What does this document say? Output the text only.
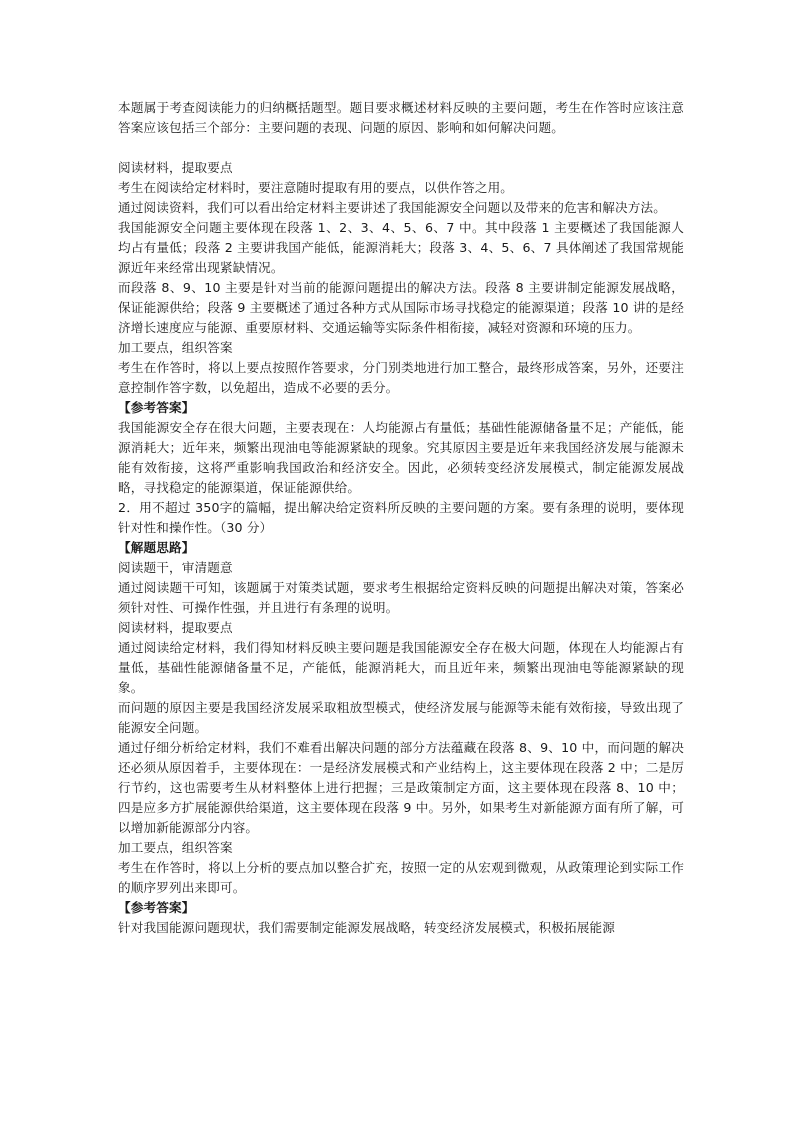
本题属于考查阅读能力的归纳概括题型。题目要求概述材料反映的主要问题，考生在作答时应该注意答案应该包括三个部分：主要问题的表现、问题的原因、影响和如何解决问题。

阅读材料，提取要点

考生在阅读给定材料时，要注意随时提取有用的要点，以供作答之用。

通过阅读资料，我们可以看出给定材料主要讲述了我国能源安全问题以及带来的危害和解决方法。

我国能源安全问题主要体现在段落 1、2、3、4、5、6、7 中。其中段落 1 主要概述了我国能源人均占有量低；段落 2 主要讲我国产能低，能源消耗大；段落 3、4、5、6、7 具体阐述了我国常规能源近年来经常出现紧缺情况。

而段落 8、9、10 主要是针对当前的能源问题提出的解决方法。段落 8 主要讲制定能源发展战略，保证能源供给；段落 9 主要概述了通过各种方式从国际市场寻找稳定的能源渠道；段落 10 讲的是经济增长速度应与能源、重要原材料、交通运输等实际条件相衔接，减轻对资源和环境的压力。

加工要点，组织答案

考生在作答时，将以上要点按照作答要求，分门别类地进行加工整合，最终形成答案，另外，还要注意控制作答字数，以免超出，造成不必要的丢分。

【参考答案】

我国能源安全存在很大问题，主要表现在：人均能源占有量低；基础性能源储备量不足；产能低，能源消耗大；近年来，频繁出现油电等能源紧缺的现象。究其原因主要是近年来我国经济发展与能源未能有效衔接，这将严重影响我国政治和经济安全。因此，必须转变经济发展模式，制定能源发展战略，寻找稳定的能源渠道，保证能源供给。

2．用不超过 350字的篇幅，提出解决给定资料所反映的主要问题的方案。要有条理的说明，要体现针对性和操作性。（30 分）

【解题思路】

阅读题干，审清题意

通过阅读题干可知，该题属于对策类试题，要求考生根据给定资料反映的问题提出解决对策，答案必须针对性、可操作性强，并且进行有条理的说明。

阅读材料，提取要点

通过阅读给定材料，我们得知材料反映主要问题是我国能源安全存在极大问题，体现在人均能源占有量低，基础性能源储备量不足，产能低，能源消耗大，而且近年来，频繁出现油电等能源紧缺的现象。

而问题的原因主要是我国经济发展采取粗放型模式，使经济发展与能源等未能有效衔接，导致出现了能源安全问题。

通过仔细分析给定材料，我们不难看出解决问题的部分方法蕴藏在段落 8、9、10 中，而问题的解决还必须从原因着手，主要体现在：一是经济发展模式和产业结构上，这主要体现在段落 2 中；二是厉行节约，这也需要考生从材料整体上进行把握；三是政策制定方面，这主要体现在段落 8、10 中；四是应多方扩展能源供给渠道，这主要体现在段落 9 中。另外，如果考生对新能源方面有所了解，可以增加新能源部分内容。

加工要点，组织答案

考生在作答时，将以上分析的要点加以整合扩充，按照一定的从宏观到微观，从政策理论到实际工作的顺序罗列出来即可。

【参考答案】

针对我国能源问题现状，我们需要制定能源发展战略，转变经济发展模式，积极拓展能源
